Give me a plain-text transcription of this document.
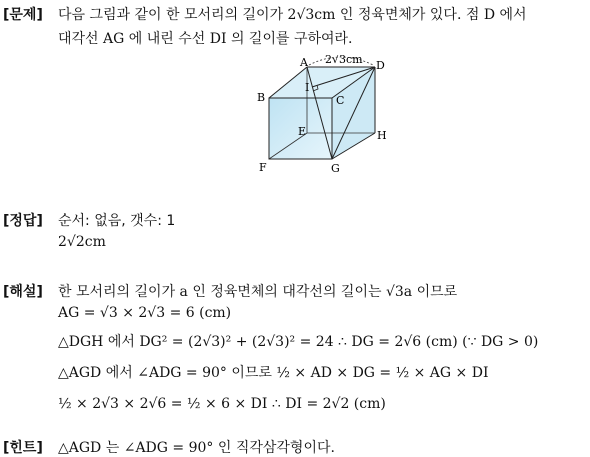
[문제] 다음 그림과 같이 한 모서리의 길이가 2√3cm 인 정육면체가 있다. 점 D 에서
대각선 AG 에 내린 수선 DI 의 길이를 구하여라.
2√3cm
A
B	C
D
E
F	G
H
I
[정답] 순서: 없음, 갯수: 1
2√2cm
[해설] 한 모서리의 길이가 a 인 정육면체의 대각선의 길이는 √3a 이므로
AG = √3 × 2√3 = 6 (cm)
△DGH 에서 DG² = (2√3)² + (2√3)² = 24 ∴ DG = 2√6 (cm) (∵ DG > 0)
△AGD 에서 ∠ADG = 90° 이므로 ½ × AD × DG = ½ × AG × DI
½ × 2√3 × 2√6 = ½ × 6 × DI ∴ DI = 2√2 (cm)
[힌트] △AGD 는 ∠ADG = 90° 인 직각삼각형이다.
